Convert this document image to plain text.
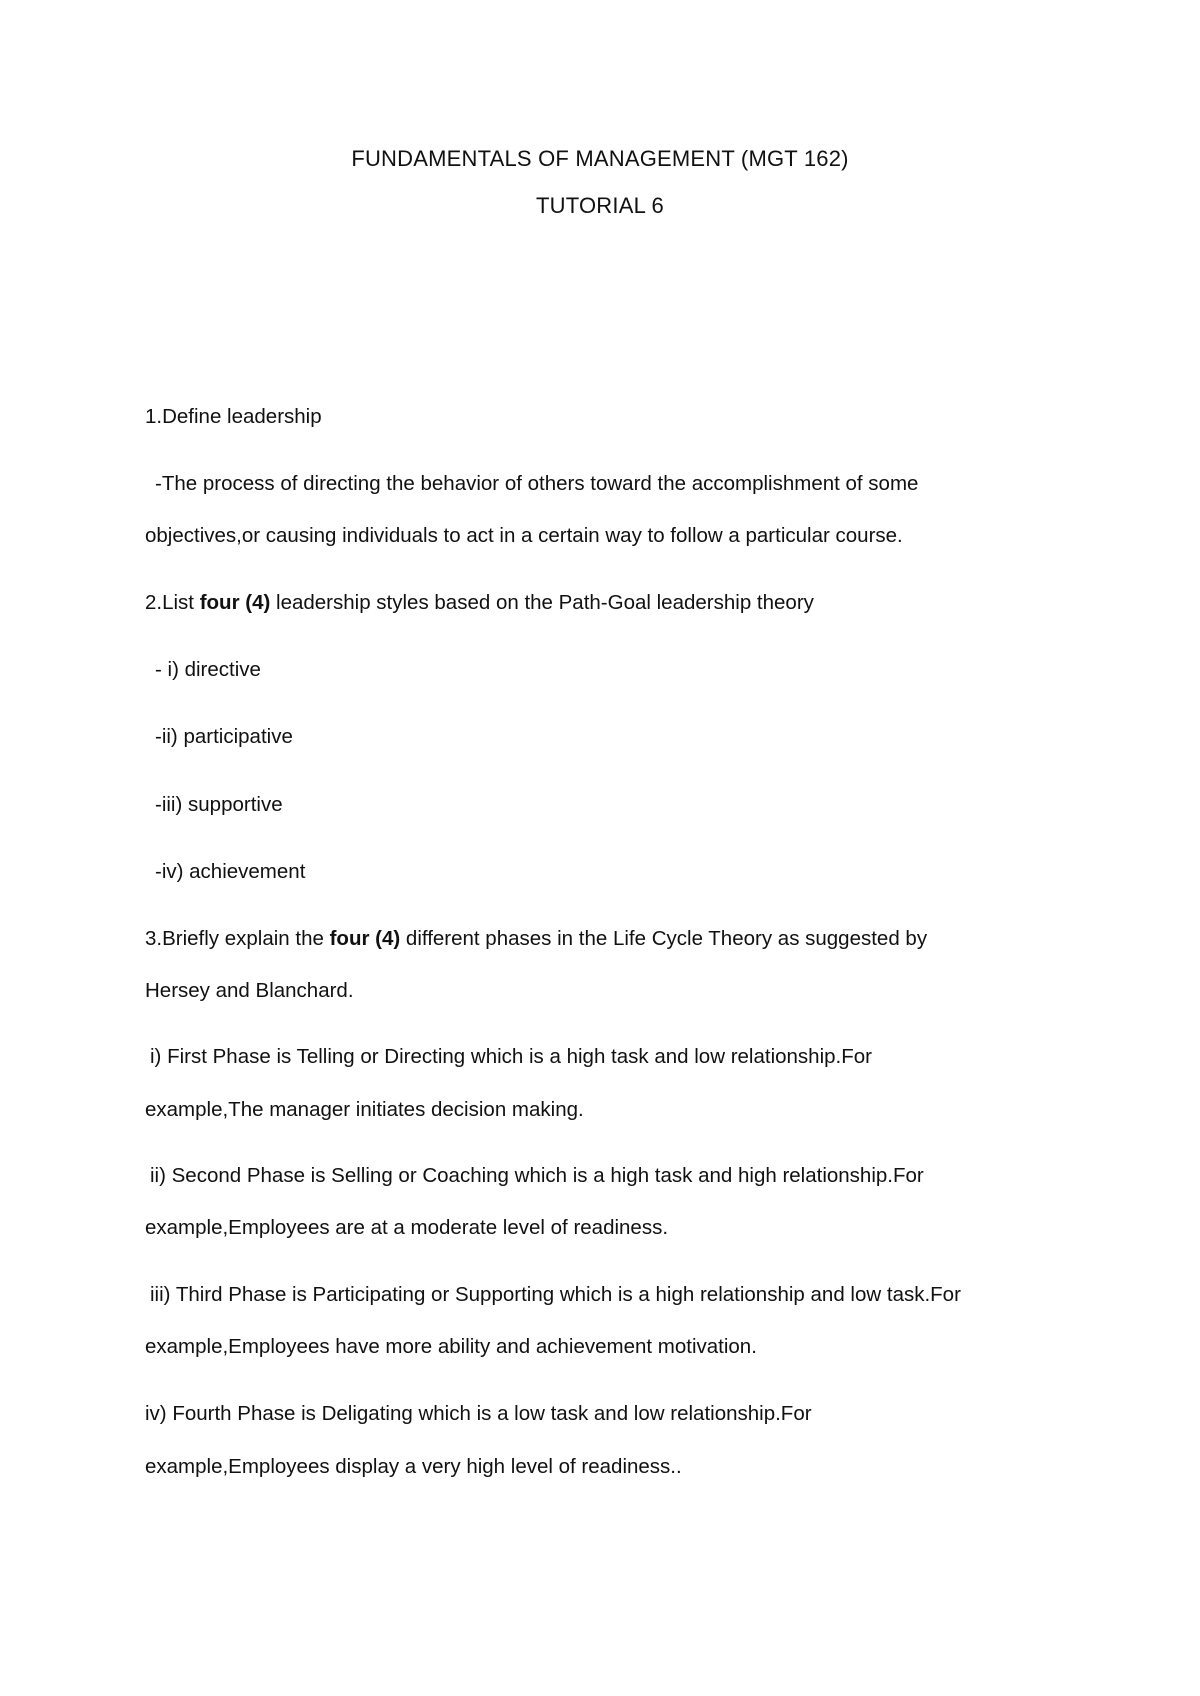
FUNDAMENTALS OF MANAGEMENT (MGT 162)
TUTORIAL 6
1.Define leadership
-The process of directing the behavior of others toward the accomplishment of some
objectives,or causing individuals to act in a certain way to follow a particular course.
2.List four (4) leadership styles based on the Path-Goal leadership theory
- i) directive
-ii) participative
-iii) supportive
-iv) achievement
3.Briefly explain the four (4) different phases in the Life Cycle Theory as suggested by
Hersey and Blanchard.
i) First Phase is Telling or Directing which is a high task and low relationship.For
example,The manager initiates decision making.
ii) Second Phase is Selling or Coaching which is a high task and high relationship.For
example,Employees are at a moderate level of readiness.
iii) Third Phase is Participating or Supporting which is a high relationship and low task.For
example,Employees have more ability and achievement motivation.
iv) Fourth Phase is Deligating which is a low task and low relationship.For
example,Employees display a very high level of readiness..
